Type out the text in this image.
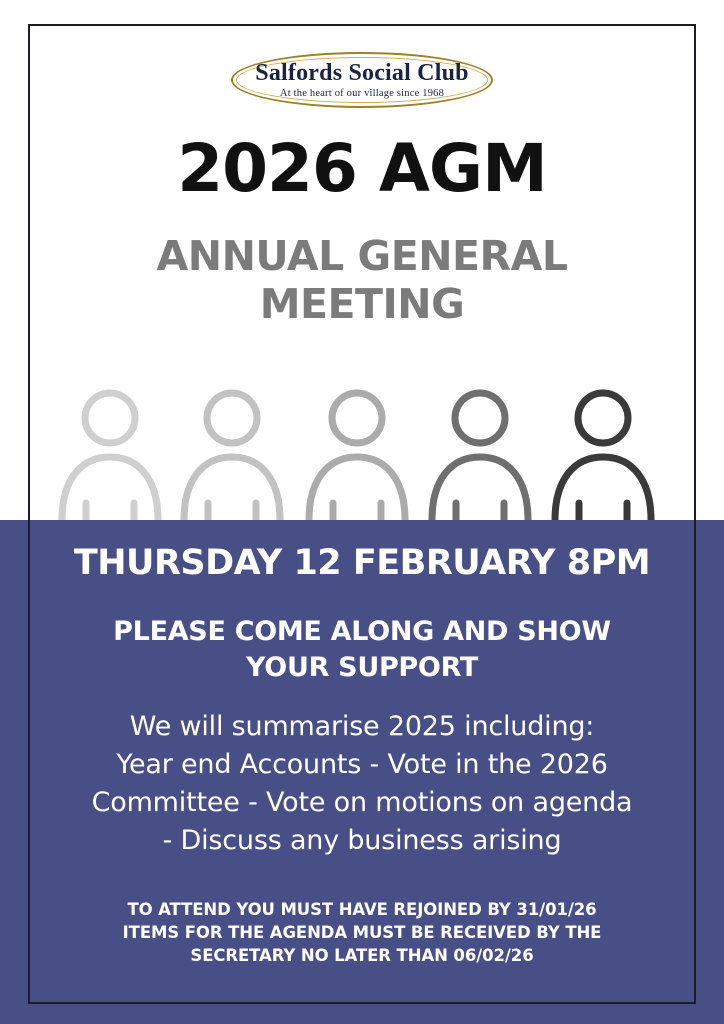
Salfords Social Club
At the heart of our village since 1968
2026 AGM
ANNUAL GENERAL
MEETING
THURSDAY 12 FEBRUARY 8PM
PLEASE COME ALONG AND SHOW
YOUR SUPPORT
We will summarise 2025 including:
Year end Accounts - Vote in the 2026
Committee - Vote on motions on agenda
- Discuss any business arising
TO ATTEND YOU MUST HAVE REJOINED BY 31/01/26
ITEMS FOR THE AGENDA MUST BE RECEIVED BY THE
SECRETARY NO LATER THAN 06/02/26
